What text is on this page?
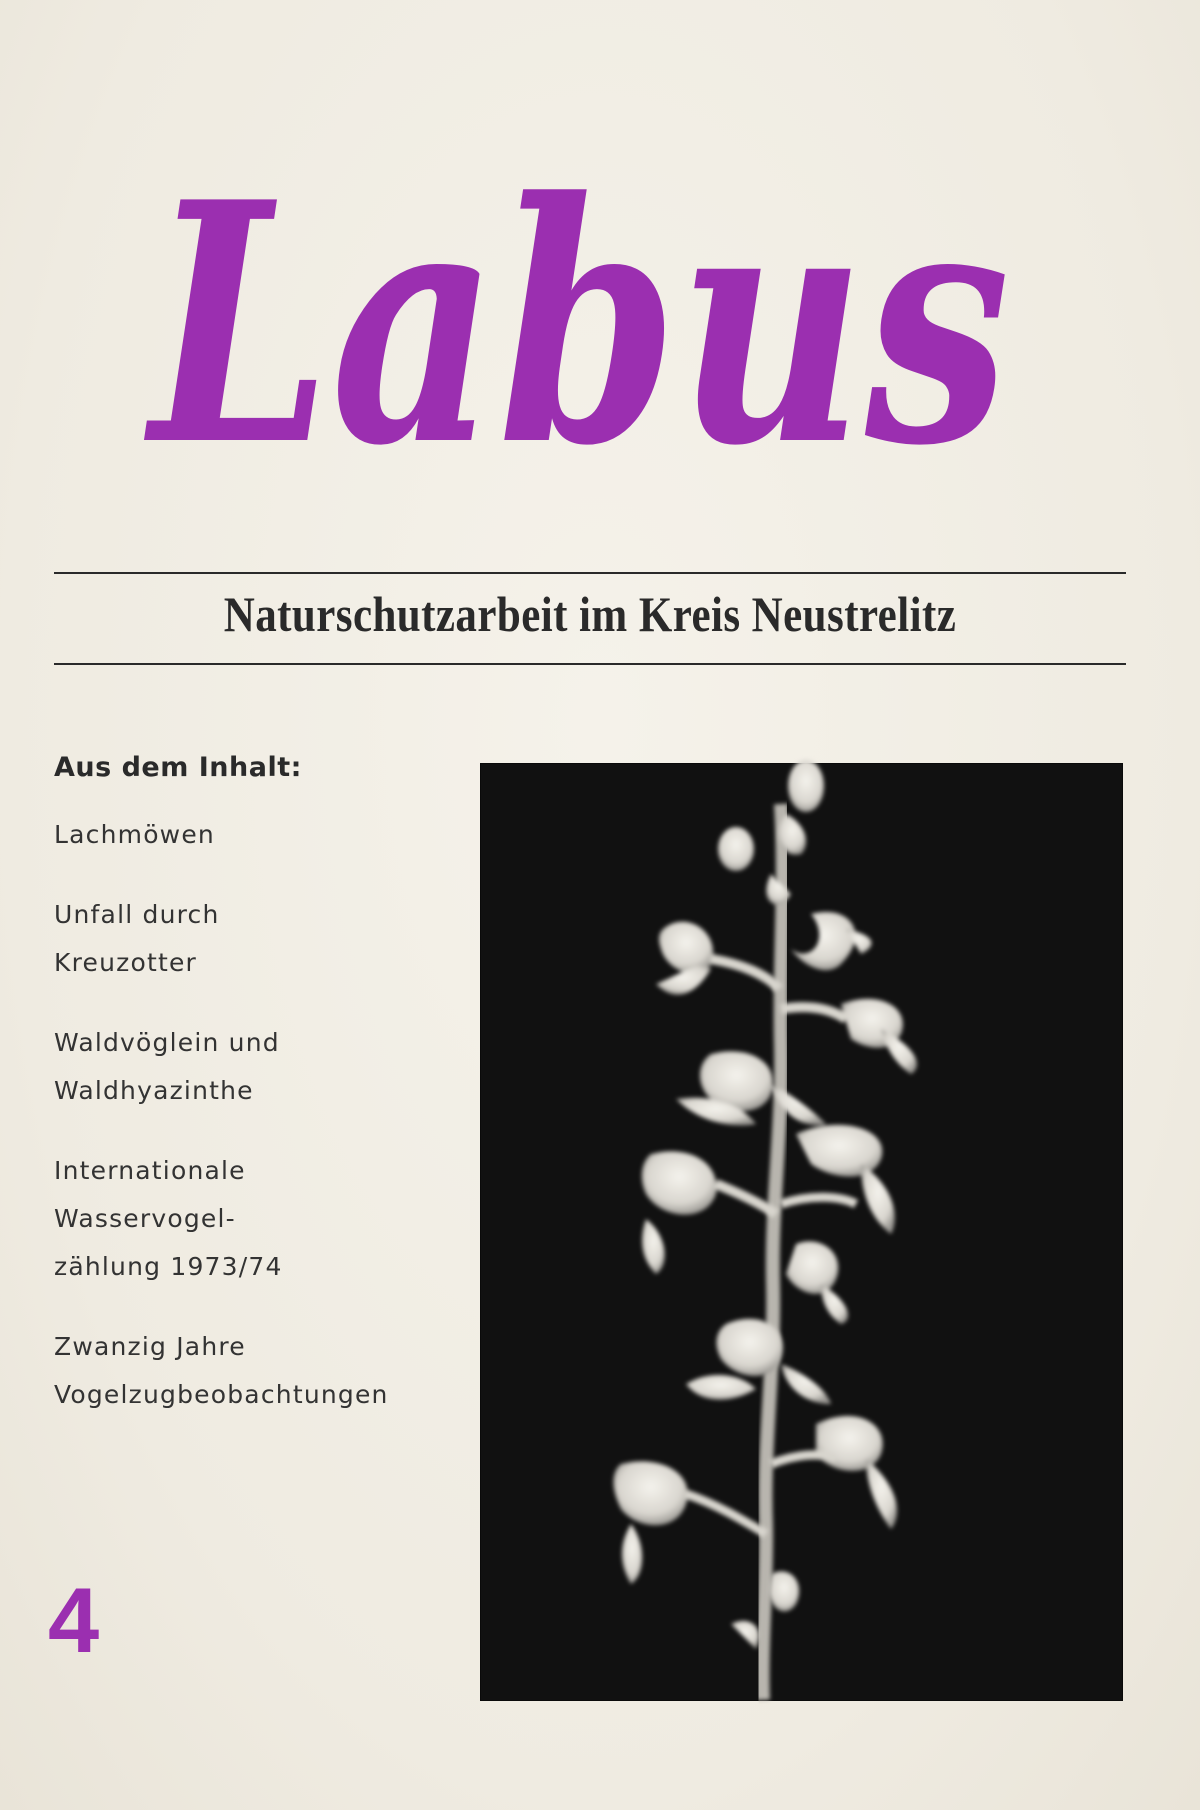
Labus
Naturschutzarbeit im Kreis Neustrelitz
Aus dem Inhalt:
Lachmöwen
Unfall durch
Kreuzotter
Waldvöglein und
Waldhyazinthe
Internationale
Wasservogel-
zählung 1973/74
Zwanzig Jahre
Vogelzugbeobachtungen
4
